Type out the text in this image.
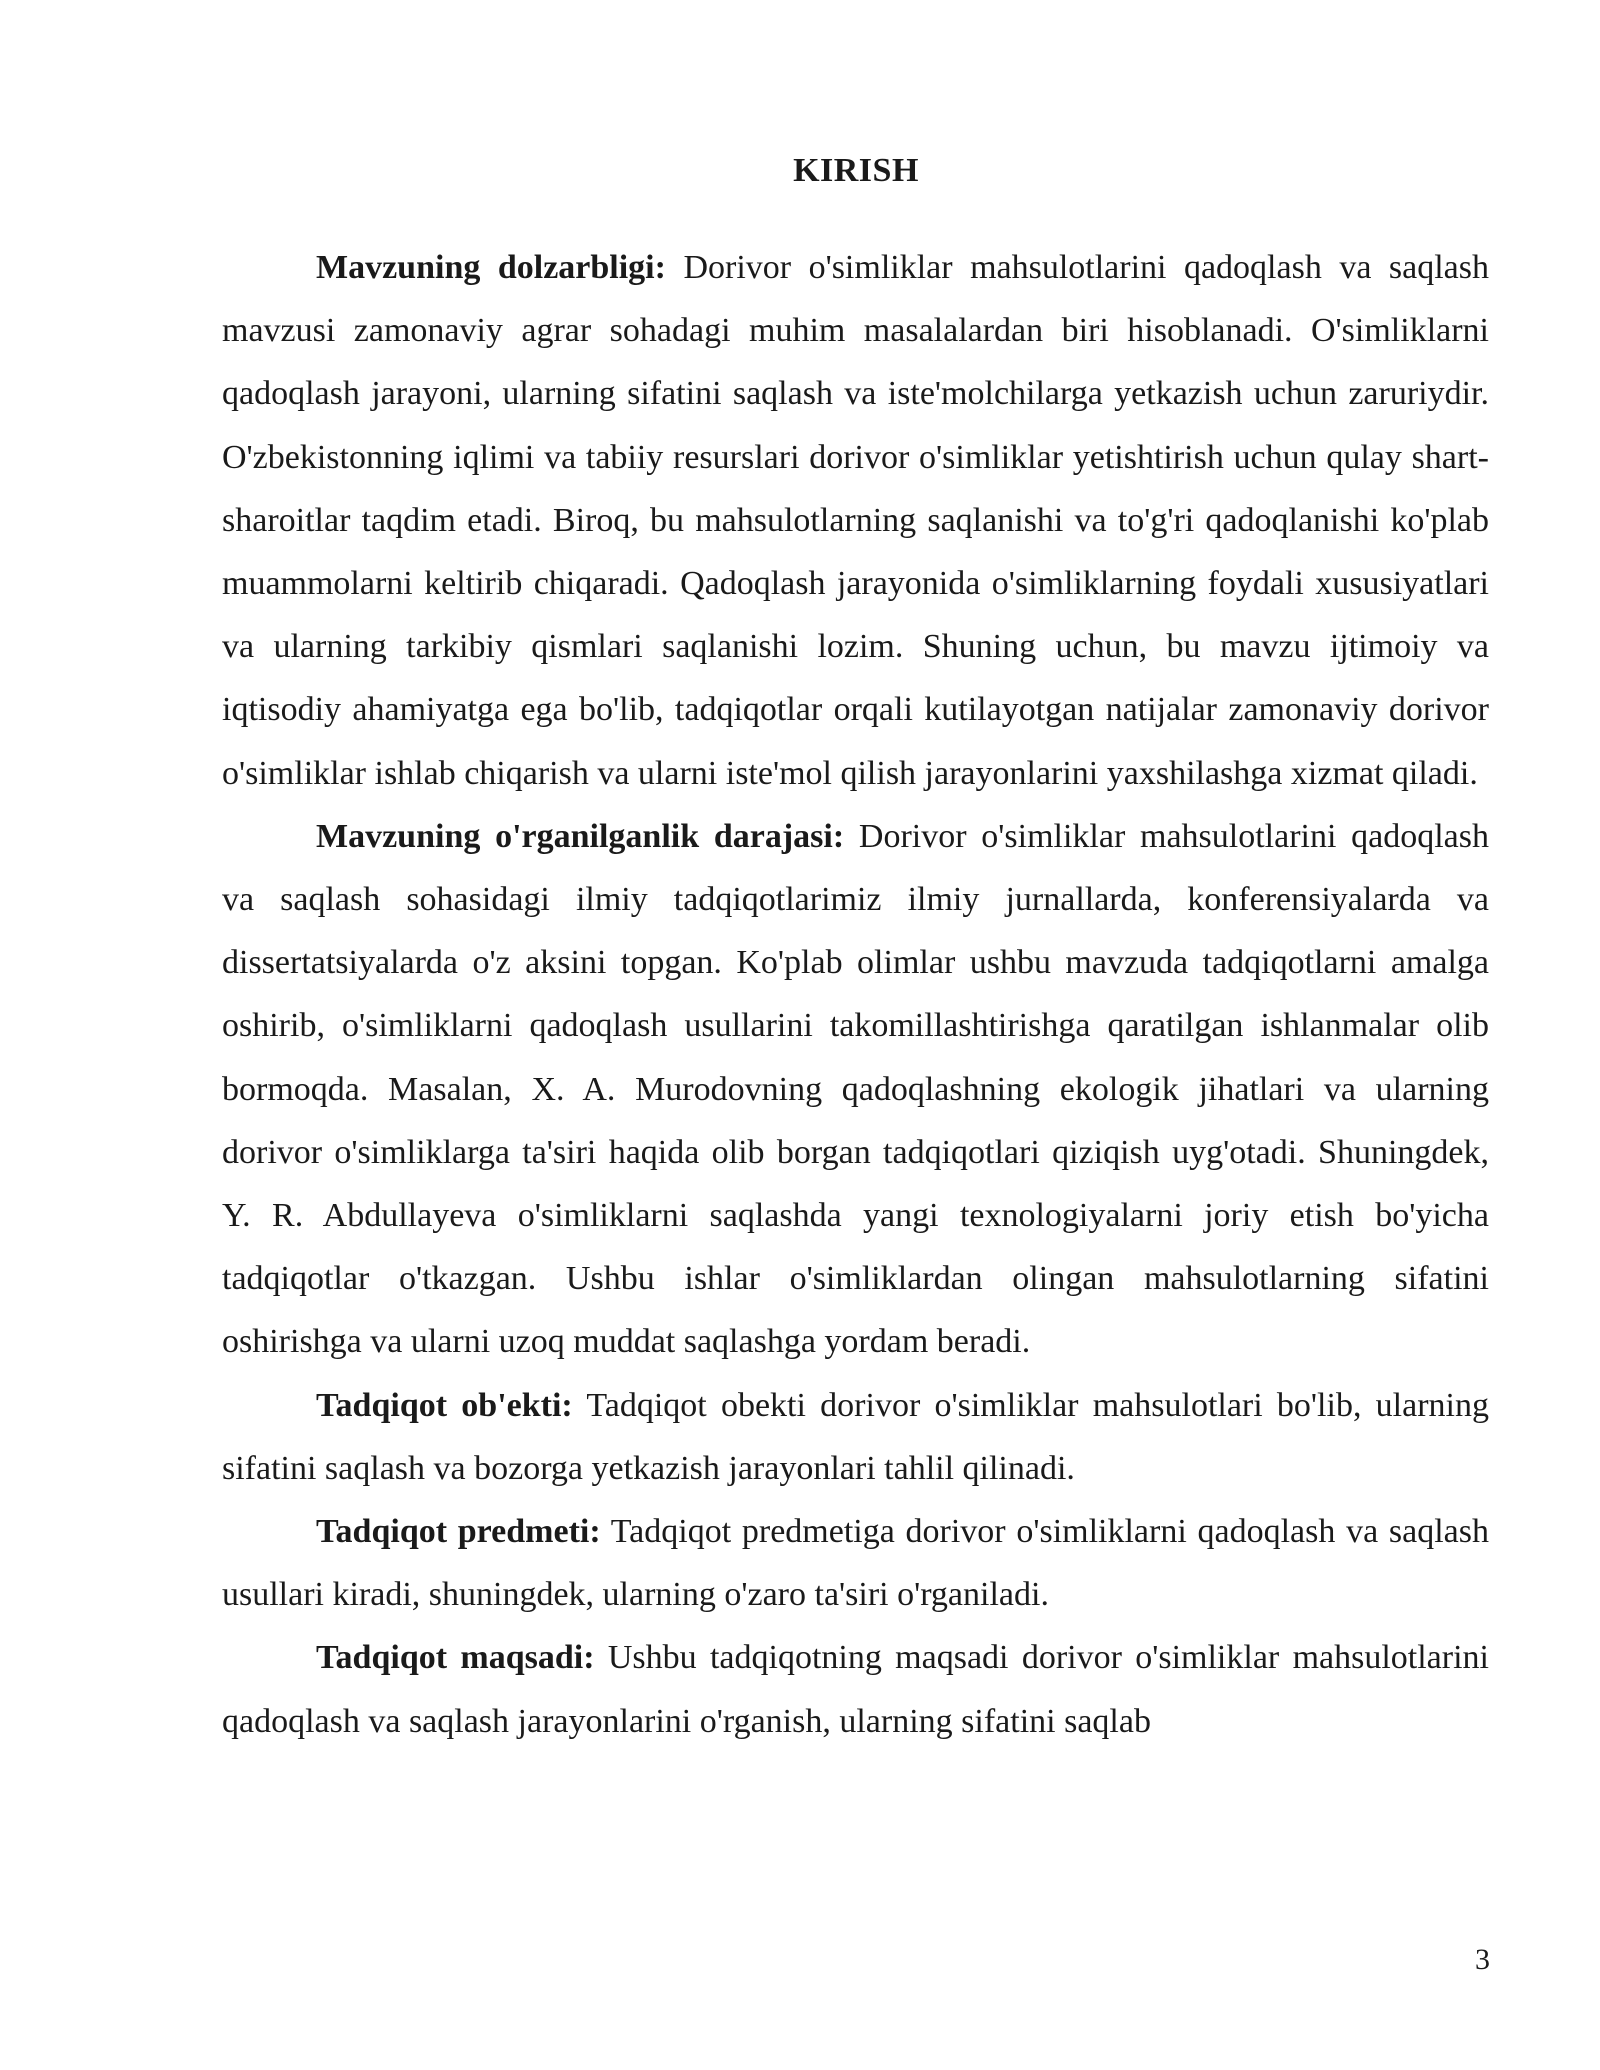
KIRISH

Mavzuning dolzarbligi: Dorivor o'simliklar mahsulotlarini qadoqlash va saqlash mavzusi zamonaviy agrar sohadagi muhim masalalardan biri hisoblanadi. O'simliklarni qadoqlash jarayoni, ularning sifatini saqlash va iste'molchilarga yetkazish uchun zaruriydir. O'zbekistonning iqlimi va tabiiy resurslari dorivor o'simliklar yetishtirish uchun qulay shart-sharoitlar taqdim etadi. Biroq, bu mahsulotlarning saqlanishi va to'g'ri qadoqlanishi ko'plab muammolarni keltirib chiqaradi. Qadoqlash jarayonida o'simliklarning foydali xususiyatlari va ularning tarkibiy qismlari saqlanishi lozim. Shuning uchun, bu mavzu ijtimoiy va iqtisodiy ahamiyatga ega bo'lib, tadqiqotlar orqali kutilayotgan natijalar zamonaviy dorivor o'simliklar ishlab chiqarish va ularni iste'mol qilish jarayonlarini yaxshilashga xizmat qiladi.

Mavzuning o'rganilganlik darajasi: Dorivor o'simliklar mahsulotlarini qadoqlash va saqlash sohasidagi ilmiy tadqiqotlarimiz ilmiy jurnallarda, konferensiyalarda va dissertatsiyalarda o'z aksini topgan. Ko'plab olimlar ushbu mavzuda tadqiqotlarni amalga oshirib, o'simliklarni qadoqlash usullarini takomillashtirishga qaratilgan ishlanmalar olib bormoqda. Masalan, X. A. Murodovning qadoqlashning ekologik jihatlari va ularning dorivor o'simliklarga ta'siri haqida olib borgan tadqiqotlari qiziqish uyg'otadi. Shuningdek, Y. R. Abdullayeva o'simliklarni saqlashda yangi texnologiyalarni joriy etish bo'yicha tadqiqotlar o'tkazgan. Ushbu ishlar o'simliklardan olingan mahsulotlarning sifatini oshirishga va ularni uzoq muddat saqlashga yordam beradi.

Tadqiqot ob'ekti: Tadqiqot obekti dorivor o'simliklar mahsulotlari bo'lib, ularning sifatini saqlash va bozorga yetkazish jarayonlari tahlil qilinadi.

Tadqiqot predmeti: Tadqiqot predmetiga dorivor o'simliklarni qadoqlash va saqlash usullari kiradi, shuningdek, ularning o'zaro ta'siri o'rganiladi.

Tadqiqot maqsadi: Ushbu tadqiqotning maqsadi dorivor o'simliklar mahsulotlarini qadoqlash va saqlash jarayonlarini o'rganish, ularning sifatini saqlab

3
